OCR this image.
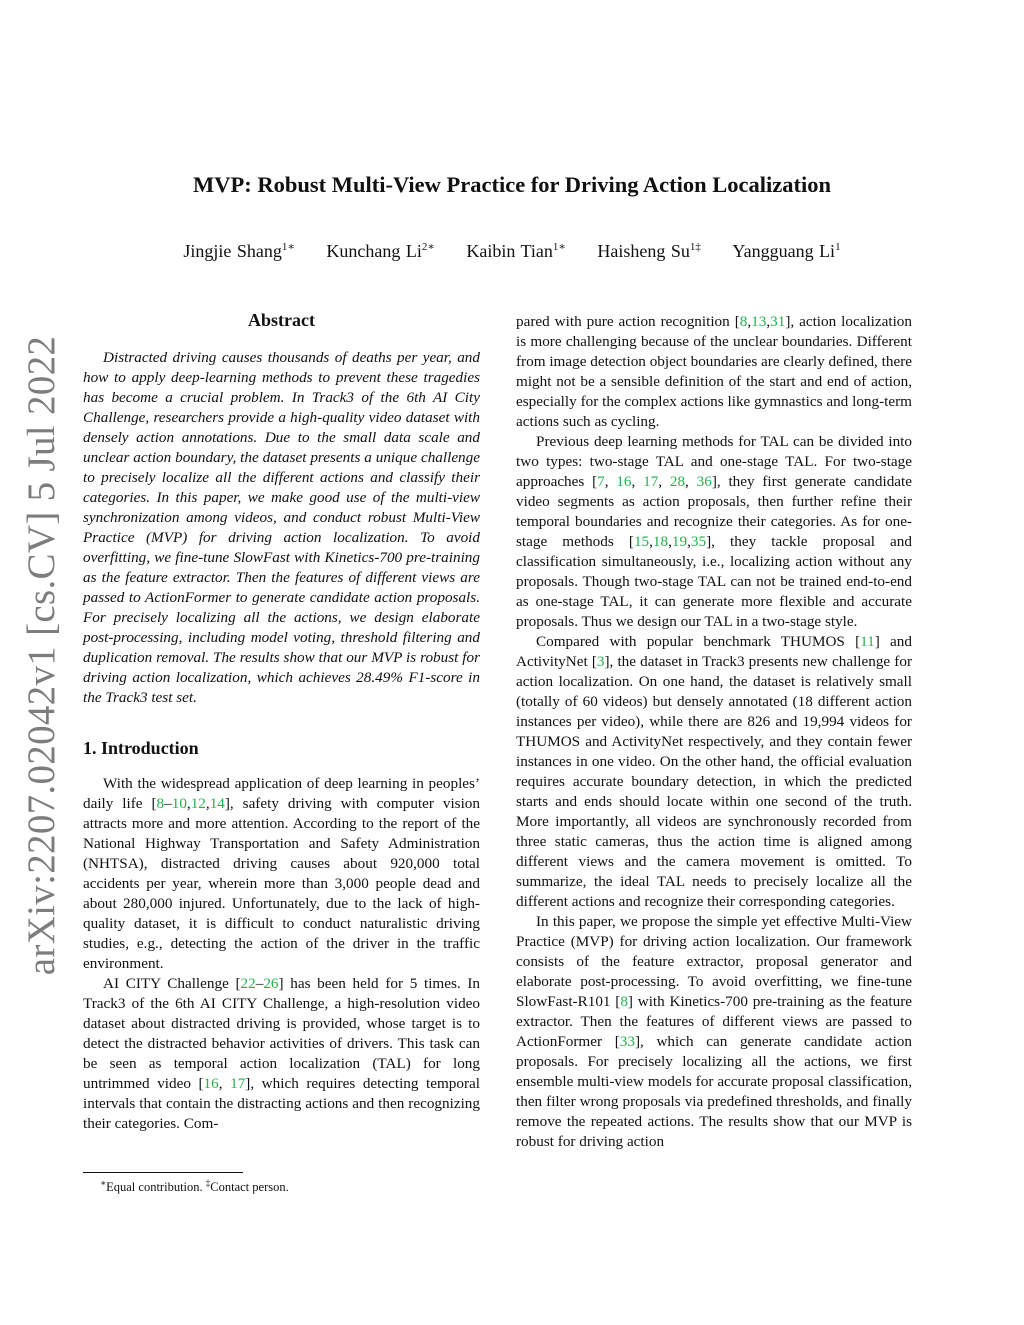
arXiv:2207.02042v1 [cs.CV] 5 Jul 2022
MVP: Robust Multi-View Practice for Driving Action Localization
Jingjie Shang$^{1∗}$ Kunchang $Li^{2∗}$ Kaibin Tian$^{1∗}$ Haisheng $Su^{1\ddagger}$ Yangguang Li$^1$
Abstract

Distracted driving causes thousands of deaths per year, and how to apply deep-learning methods to prevent these tragedies has become a crucial problem. In Track3 of the 6th AI City Challenge, researchers provide a high-quality video dataset with densely action annotations. Due to the small data scale and unclear action boundary, the dataset presents a unique challenge to precisely localize all the different actions and classify their categories. In this paper, we make good use of the multi-view synchronization among videos, and conduct robust Multi-View Practice (MVP) for driving action localization. To avoid overfitting, we fine-tune SlowFast with Kinetics-700 pre-training as the feature extractor. Then the features of different views are passed to ActionFormer to generate candidate action proposals. For precisely localizing all the actions, we design elaborate post-processing, including model voting, threshold filtering and duplication removal. The results show that our MVP is robust for driving action localization, which achieves 28.49% F1-score in the Track3 test set.

1. Introduction

With the widespread application of deep learning in peoples’ daily life [8–10,12,14], safety driving with computer vision attracts more and more attention. According to the report of the National Highway Transportation and Safety Administration (NHTSA), distracted driving causes about 920,000 total accidents per year, wherein more than 3,000 people dead and about 280,000 injured. Unfortunately, due to the lack of high-quality dataset, it is difficult to conduct naturalistic driving studies, e.g., detecting the action of the driver in the traffic environment.

AI CITY Challenge [22–26] has been held for 5 times. In Track3 of the 6th AI CITY Challenge, a high-resolution video dataset about distracted driving is provided, whose target is to detect the distracted behavior activities of drivers. This task can be seen as temporal action localization (TAL) for long untrimmed video [16, 17], which requires detecting temporal intervals that contain the distracting actions and then recognizing their categories. Com-

∗Equal contribution. ‡Contact person.

pared with pure action recognition [8,13,31], action localization is more challenging because of the unclear boundaries. Different from image detection object boundaries are clearly defined, there might not be a sensible definition of the start and end of action, especially for the complex actions like gymnastics and long-term actions such as cycling.

Previous deep learning methods for TAL can be divided into two types: two-stage TAL and one-stage TAL. For two-stage approaches [7, 16, 17, 28, 36], they first generate candidate video segments as action proposals, then further refine their temporal boundaries and recognize their categories. As for one-stage methods [15,18,19,35], they tackle proposal and classification simultaneously, i.e., localizing action without any proposals. Though two-stage TAL can not be trained end-to-end as one-stage TAL, it can generate more flexible and accurate proposals. Thus we design our TAL in a two-stage style.

Compared with popular benchmark THUMOS [11] and ActivityNet [3], the dataset in Track3 presents new challenge for action localization. On one hand, the dataset is relatively small (totally of 60 videos) but densely annotated (18 different action instances per video), while there are 826 and 19,994 videos for THUMOS and ActivityNet respectively, and they contain fewer instances in one video. On the other hand, the official evaluation requires accurate boundary detection, in which the predicted starts and ends should locate within one second of the truth. More importantly, all videos are synchronously recorded from three static cameras, thus the action time is aligned among different views and the camera movement is omitted. To summarize, the ideal TAL needs to precisely localize all the different actions and recognize their corresponding categories.

In this paper, we propose the simple yet effective Multi-View Practice (MVP) for driving action localization. Our framework consists of the feature extractor, proposal generator and elaborate post-processing. To avoid overfitting, we fine-tune SlowFast-R101 [8] with Kinetics-700 pre-training as the feature extractor. Then the features of different views are passed to ActionFormer [33], which can generate candidate action proposals. For precisely localizing all the actions, we first ensemble multi-view models for accurate proposal classification, then filter wrong proposals via predefined thresholds, and finally remove the repeated actions. The results show that our MVP is robust for driving action
